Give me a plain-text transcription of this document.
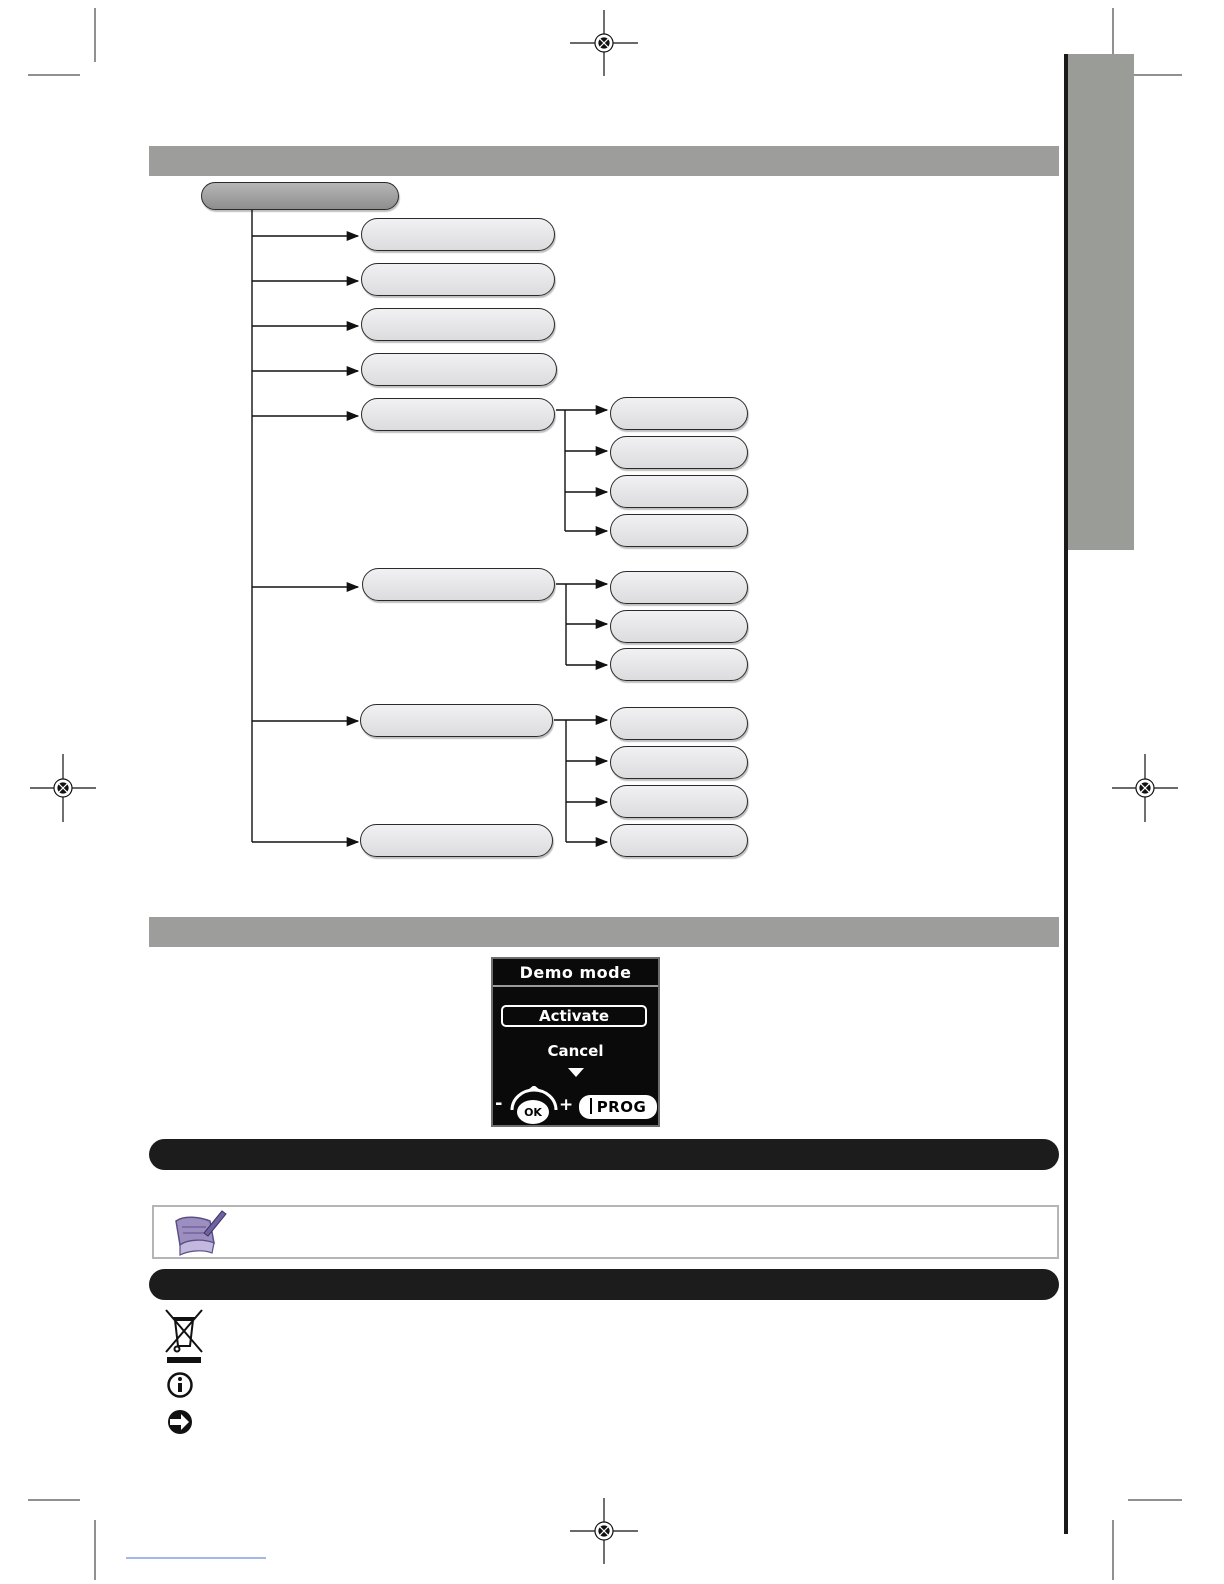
Demo mode
Activate
Cancel
-	OK	+	PROG
